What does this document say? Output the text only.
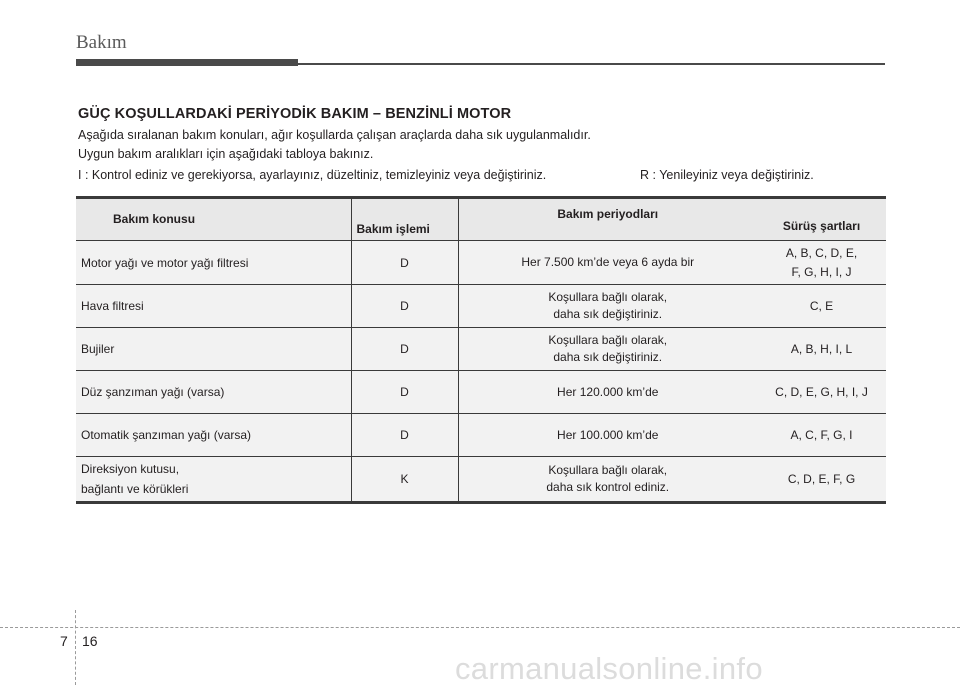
Bakım
GÜÇ KOŞULLARDAKİ PERİYODİK BAKIM – BENZİNLİ MOTOR
Aşağıda sıralanan bakım konuları, ağır koşullarda çalışan araçlarda daha sık uygulanmalıdır.
Uygun bakım aralıkları için aşağıdaki tabloya bakınız.
I : Kontrol ediniz ve gerekiyorsa, ayarlayınız, düzeltiniz, temizleyiniz veya değiştiriniz.	R : Yenileyiniz veya değiştiriniz.
Bakım konusu	Bakım işlemi	Bakım periyodları	Sürüş şartları

Motor yağı ve motor yağı filtresi	D	Her 7.500 km’de veya 6 ayda bir	A, B, C, D, E,
F, G, H, I, J

Hava filtresi	D	Koşullara bağlı olarak,
daha sık değiştiriniz.	C, E

Bujiler	D	Koşullara bağlı olarak,
daha sık değiştiriniz.	A, B, H, I, L

Düz şanzıman yağı (varsa)	D	Her 120.000 km’de	C, D, E, G, H, I, J

Otomatik şanzıman yağı (varsa)	D	Her 100.000 km’de	A, C, F, G, I

Direksiyon kutusu,
bağlantı ve körükleri	K	Koşullara bağlı olarak,
daha sık kontrol ediniz.	C, D, E, F, G
7 16
carmanualsonline.info
